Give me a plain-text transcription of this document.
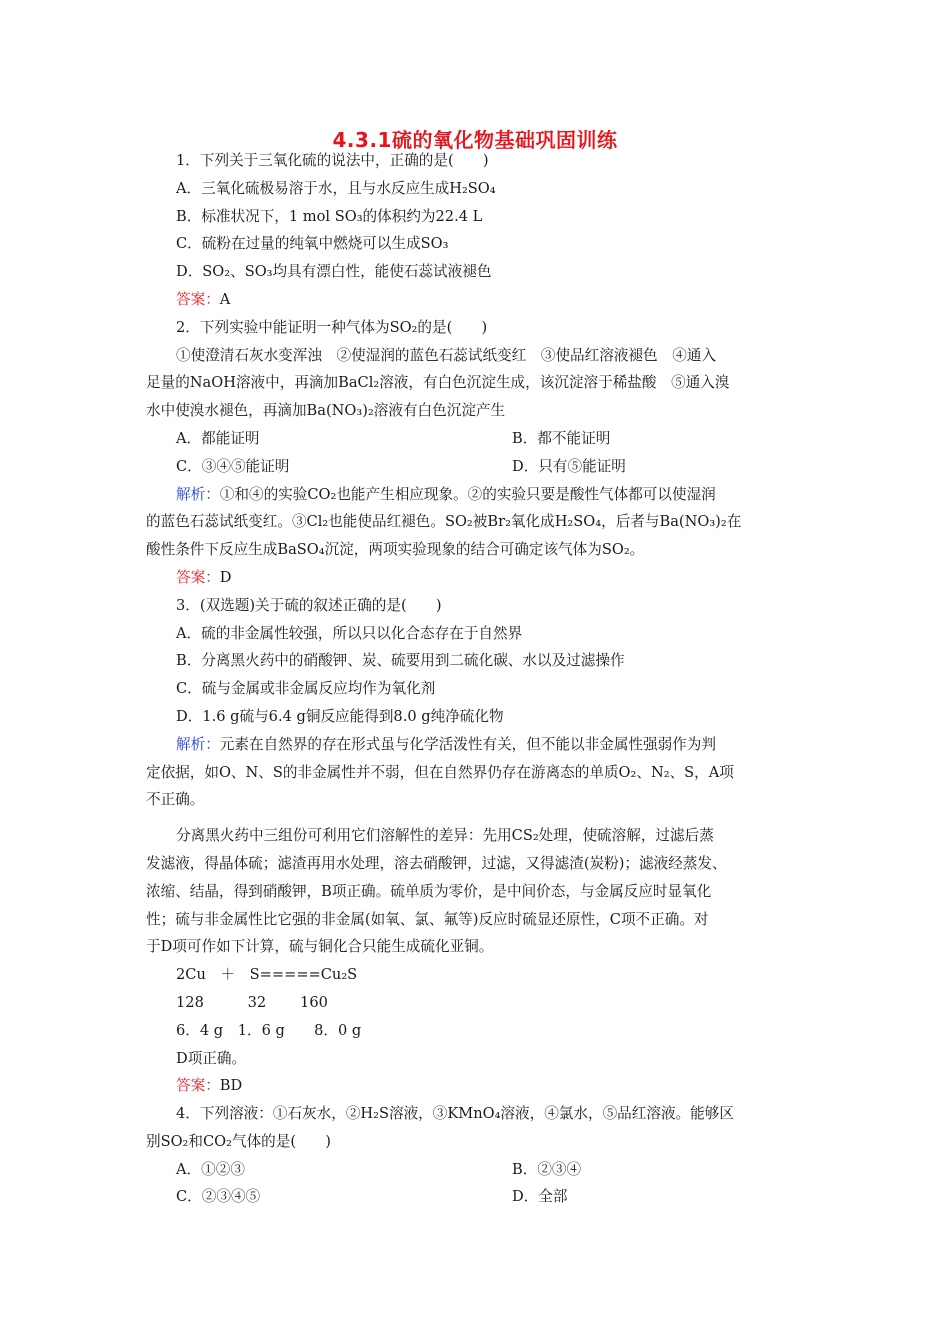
4.3.1硫的氧化物基础巩固训练
1．下列关于三氧化硫的说法中，正确的是(　　)
A．三氧化硫极易溶于水，且与水反应生成H₂SO₄
B．标准状况下，1 mol SO₃的体积约为22.4 L
C．硫粉在过量的纯氧中燃烧可以生成SO₃
D．SO₂、SO₃均具有漂白性，能使石蕊试液褪色
答案：A
2．下列实验中能证明一种气体为SO₂的是(　　)
①使澄清石灰水变浑浊　②使湿润的蓝色石蕊试纸变红　③使品红溶液褪色　④通入
足量的NaOH溶液中，再滴加BaCl₂溶液，有白色沉淀生成，该沉淀溶于稀盐酸　⑤通入溴
水中使溴水褪色，再滴加Ba(NO₃)₂溶液有白色沉淀产生
A．都能证明	B．都不能证明
C．③④⑤能证明	D．只有⑤能证明
解析：①和④的实验CO₂也能产生相应现象。②的实验只要是酸性气体都可以使湿润
的蓝色石蕊试纸变红。③Cl₂也能使品红褪色。SO₂被Br₂氧化成H₂SO₄，后者与Ba(NO₃)₂在
酸性条件下反应生成BaSO₄沉淀，两项实验现象的结合可确定该气体为SO₂。
答案：D
3．(双选题)关于硫的叙述正确的是(　　)
A．硫的非金属性较强，所以只以化合态存在于自然界
B．分离黑火药中的硝酸钾、炭、硫要用到二硫化碳、水以及过滤操作
C．硫与金属或非金属反应均作为氧化剂
D．1.6 g硫与6.4 g铜反应能得到8.0 g纯净硫化物
解析：元素在自然界的存在形式虽与化学活泼性有关，但不能以非金属性强弱作为判
定依据，如O、N、S的非金属性并不弱，但在自然界仍存在游离态的单质O₂、N₂、S，A项
不正确。
分离黑火药中三组份可利用它们溶解性的差异：先用CS₂处理，使硫溶解，过滤后蒸
发滤液，得晶体硫；滤渣再用水处理，溶去硝酸钾，过滤，又得滤渣(炭粉)；滤液经蒸发、
浓缩、结晶，得到硝酸钾，B项正确。硫单质为零价，是中间价态，与金属反应时显氧化
性；硫与非金属性比它强的非金属(如氧、氯、氟等)反应时硫显还原性，C项不正确。对
于D项可作如下计算，硫与铜化合只能生成硫化亚铜。
2Cu　＋　S=====Cu₂S
128　　　32　　 160
6．4 g　1．6 g　　8．0 g
D项正确。
答案：BD
4．下列溶液：①石灰水，②H₂S溶液，③KMnO₄溶液，④氯水，⑤品红溶液。能够区
别SO₂和CO₂气体的是(　　)
A．①②③	B．②③④
C．②③④⑤	D．全部
